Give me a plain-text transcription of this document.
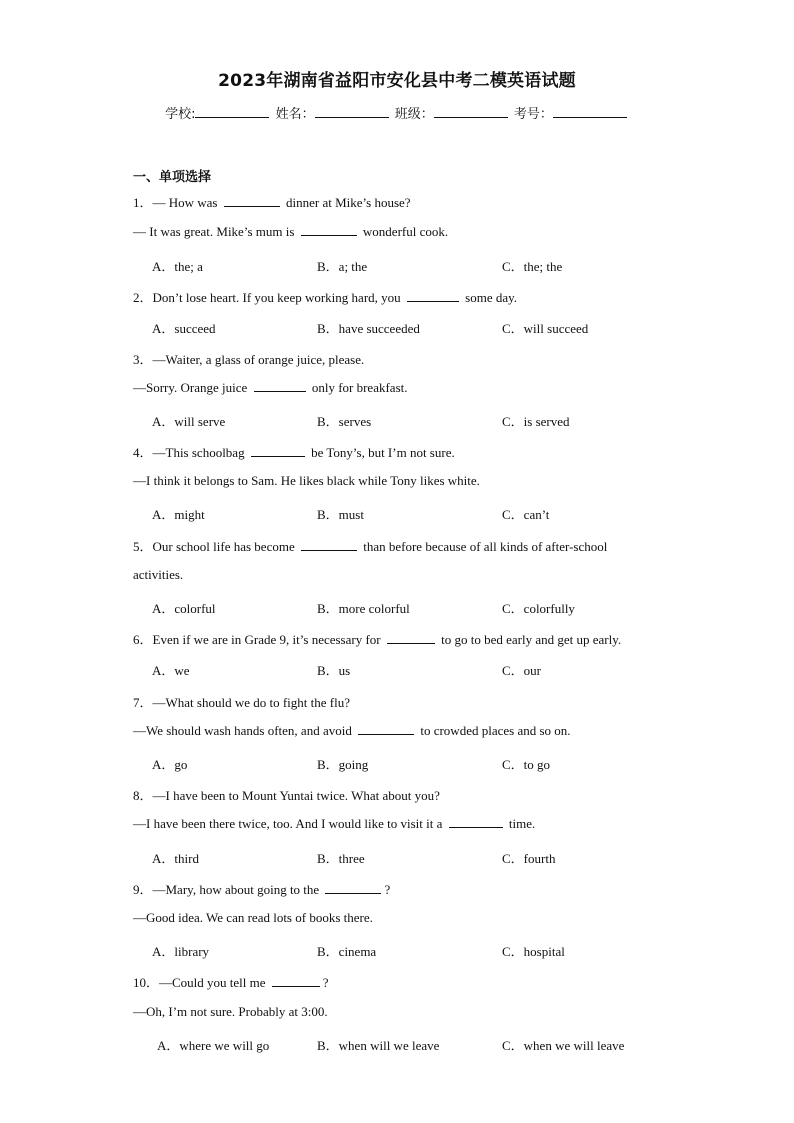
2023年湖南省益阳市安化县中考二模英语试题
学校:	姓名：	班级：	考号：
一、单项选择
1．— How was	dinner at Mike’s house?
— It was great. Mike’s mum is	wonderful cook.
A．the; a	B．a; the	C．the; the
2．Don’t lose heart. If you keep working hard, you	some day.
A．succeed	B．have succeeded	C．will succeed
3．—Waiter, a glass of orange juice, please.
—Sorry. Orange juice	only for breakfast.
A．will serve	B．serves	C．is served
4．—This schoolbag	be Tony’s, but I’m not sure.
—I think it belongs to Sam. He likes black while Tony likes white.
A．might	B．must	C．can’t
5．Our school life has become	than before because of all kinds of after-school
activities.
A．colorful	B．more colorful	C．colorfully
6．Even if we are in Grade 9, it’s necessary for	to go to bed early and get up early.
A．we	B．us	C．our
7．—What should we do to fight the flu?
—We should wash hands often, and avoid	to crowded places and so on.
A．go	B．going	C．to go
8．—I have been to Mount Yuntai twice. What about you?
—I have been there twice, too. And I would like to visit it a	time.
A．third	B．three	C．fourth
9．—Mary, how about going to the	?
—Good idea. We can read lots of books there.
A．library	B．cinema	C．hospital
10．—Could you tell me	?
—Oh, I’m not sure. Probably at 3:00.
A．where we will go	B．when will we leave	C．when we will leave
